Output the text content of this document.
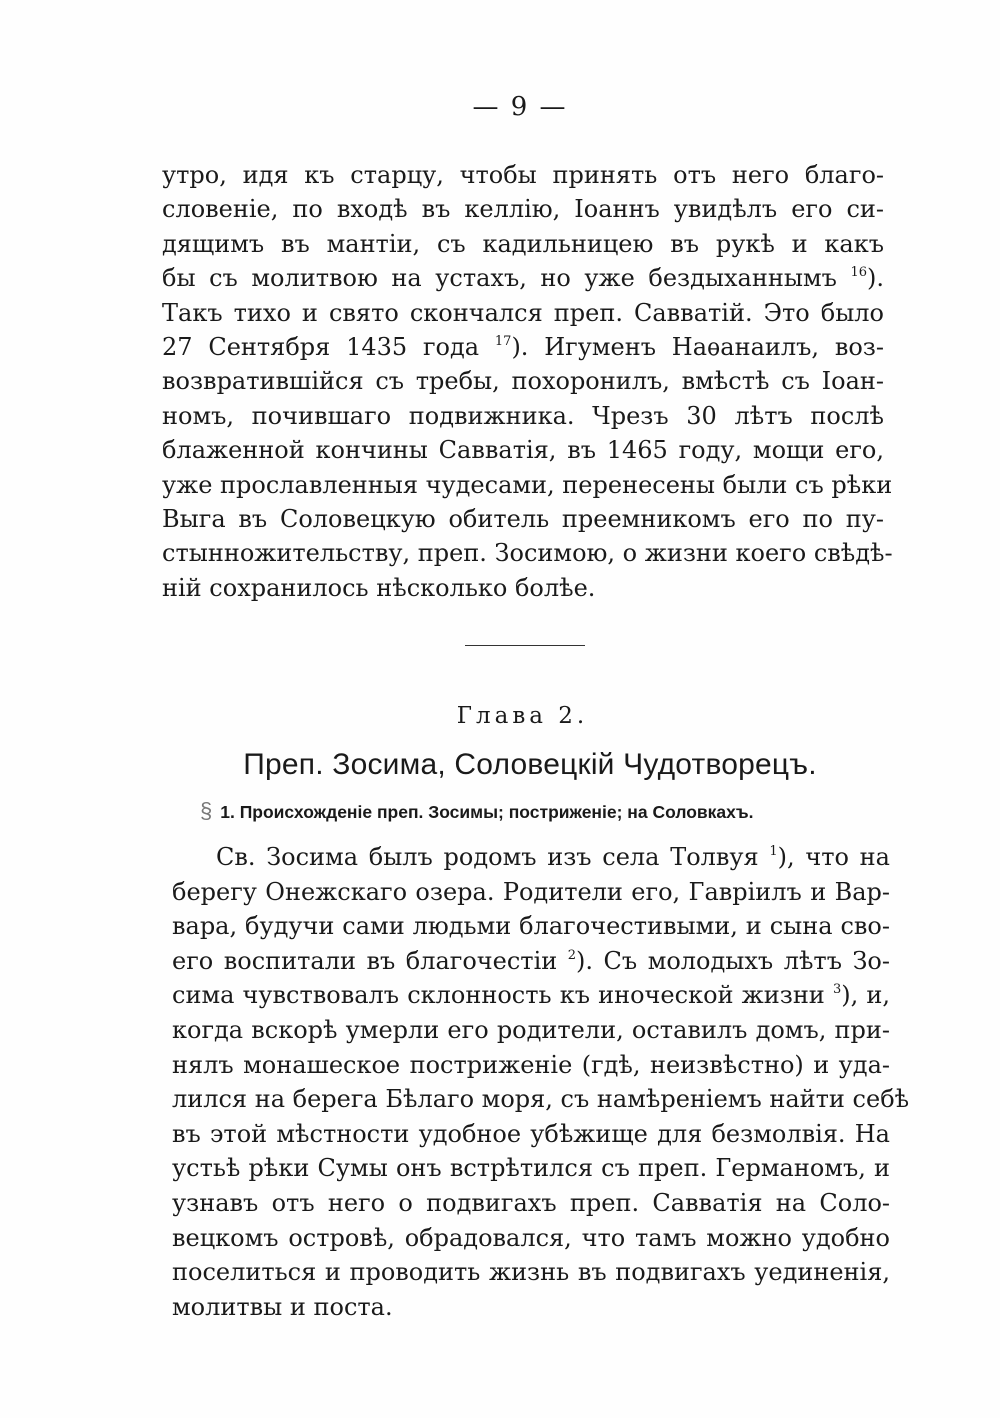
— 9 —

утро, идя къ старцу, чтобы принять отъ него благо-
словеніе, по входѣ въ келлію, Іоаннъ увидѣлъ его си-
дящимъ въ мантіи, съ кадильницею въ рукѣ и какъ
бы съ молитвою на устахъ, но уже бездыханнымъ $^{16}$).
Такъ тихо и свято скончался преп. Савватій. Это было
27 Сентября 1435 года $^{17}$). Игуменъ Наѳанаилъ, воз-
возвратившійся съ требы, похоронилъ, вмѣстѣ съ Іоан-
номъ, почившаго подвижника. Чрезъ 30 лѣтъ послѣ
блаженной кончины Савватія, въ 1465 году, мощи его,
уже прославленныя чудесами, перенесены были съ рѣки
Выга въ Соловецкую обитель преемникомъ его по пу-
стынножительству, преп. Зосимою, о жизни коего свѣдѣ-
ній сохранилось нѣсколько болѣе.

Глава 2.
Преп. Зосима, Соловецкій Чудотворецъ.
§ 1. Происхожденіе преп. Зосимы; постриженіе; на Соловкахъ.

Св. Зосима былъ родомъ изъ села Толвуя $^1$), что на
берегу Онежскаго озера. Родители его, Гавріилъ и Вар-
вара, будучи сами людьми благочестивыми, и сына сво-
его воспитали въ благочестіи $^2$). Съ молодыхъ лѣтъ Зо-
сима чувствовалъ склонность къ иноческой жизни $^3$), и,
когда вскорѣ умерли его родители, оставилъ домъ, при-
нялъ монашеское постриженіе (гдѣ, неизвѣстно) и уда-
лился на берега Бѣлаго моря, съ намѣреніемъ найти себѣ
въ этой мѣстности удобное убѣжище для безмолвія. На
устьѣ рѣки Сумы онъ встрѣтился съ преп. Германомъ, и
узнавъ отъ него о подвигахъ преп. Савватія на Соло-
вецкомъ островѣ, обрадовался, что тамъ можно удобно
поселиться и проводить жизнь въ подвигахъ уединенія,
молитвы и поста.
